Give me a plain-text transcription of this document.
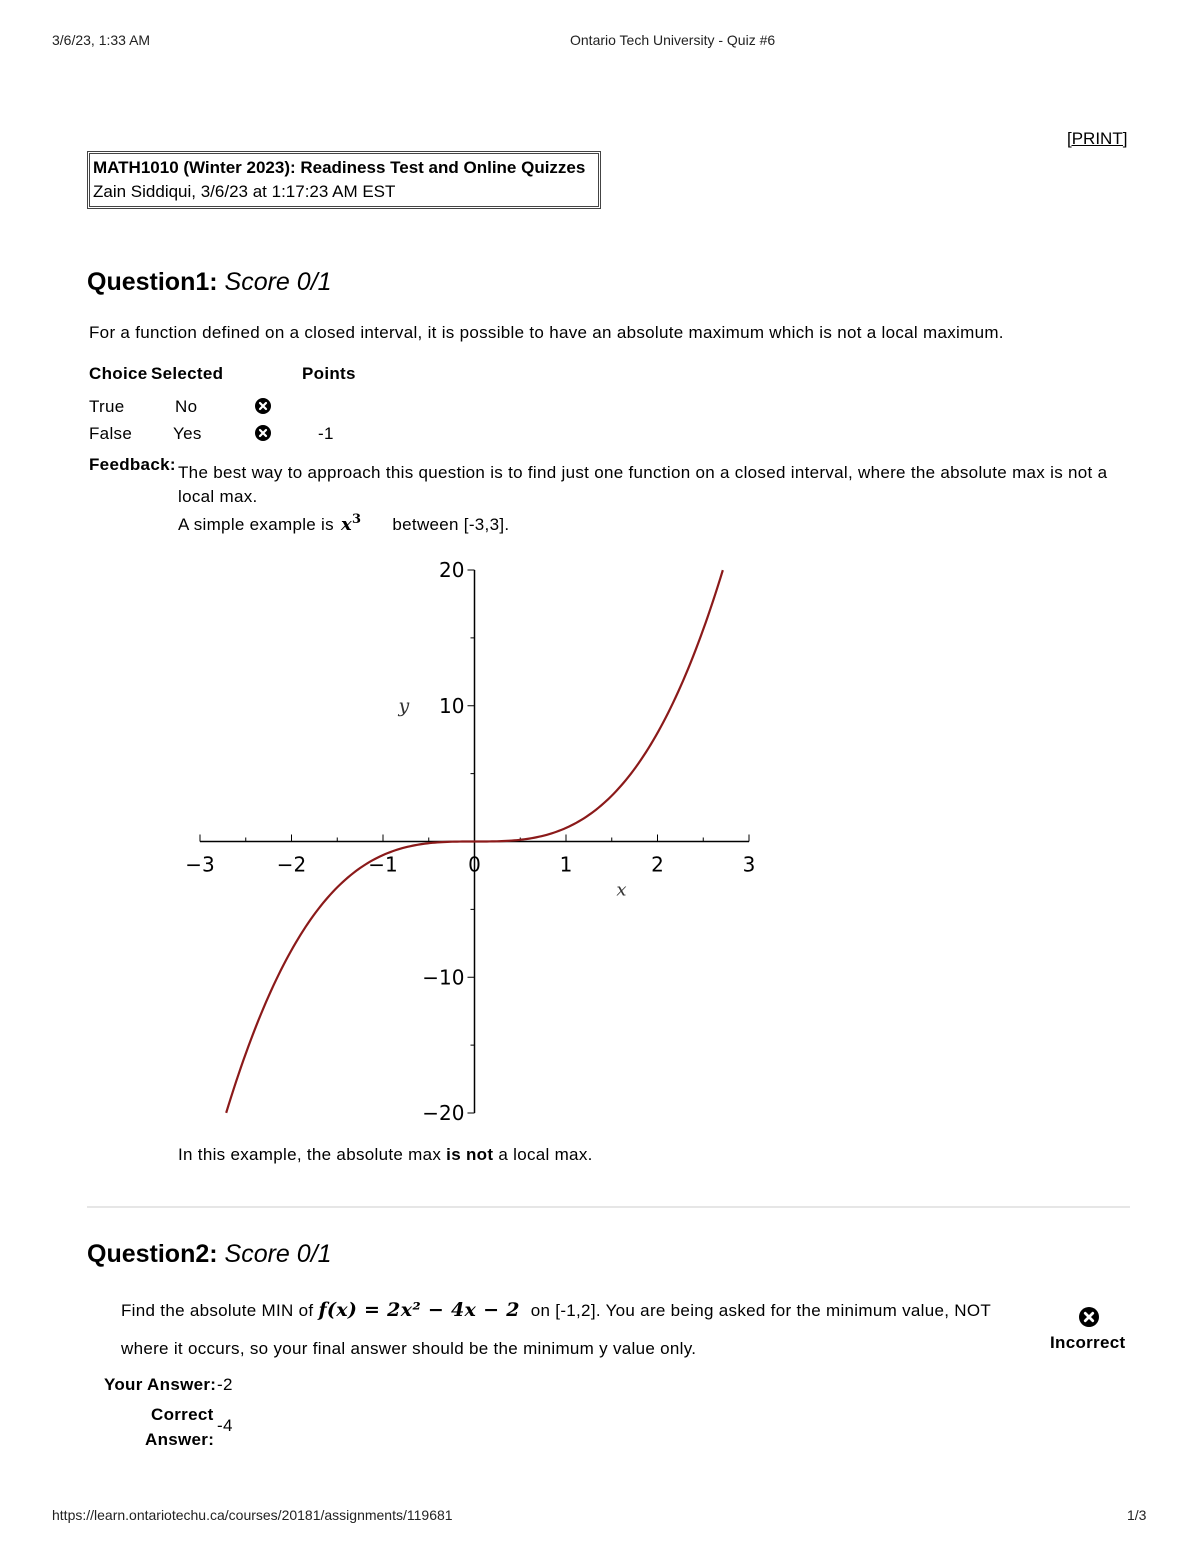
3/6/23, 1:33 AM	Ontario Tech University - Quiz #6
[PRINT]
MATH1010 (Winter 2023): Readiness Test and Online Quizzes
Zain Siddiqui, 3/6/23 at 1:17:23 AM EST
Question1: Score 0/1
For a function defined on a closed interval, it is possible to have an absolute maximum which is not a local maximum.
Choice Selected	Points
True	No
False Yes	-1
Feedback: The best way to approach this question is to find just one function on a closed interval, where the absolute max is not a local max.
A simple example is $x^3$ between [-3,3].
−3	−2	−1	0	1	2	3
20
10
−10
−20
x
y
In this example, the absolute max is not a local max.
Question2: Score 0/1
Find the absolute MIN of f(x) = 2x² − 4x − 2 on [-1,2]. You are being asked for the minimum value, NOT
where it occurs, so your final answer should be the minimum y value only.	Incorrect
Your Answer: -2
Correct
Answer:
-4
https://learn.ontariotechu.ca/courses/20181/assignments/119681	1/3
